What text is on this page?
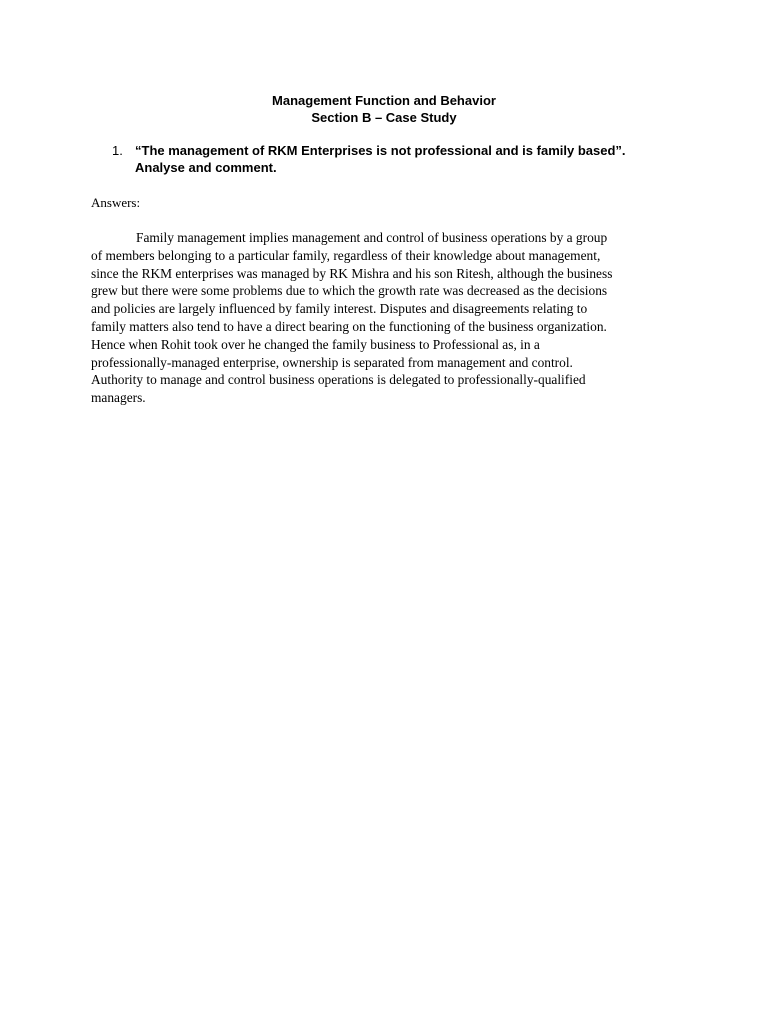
Management Function and Behavior
Section B – Case Study
1. “The management of RKM Enterprises is not professional and is family based”.
Analyse and comment.
Answers:
Family management implies management and control of business operations by a group
of members belonging to a particular family, regardless of their knowledge about management,
since the RKM enterprises was managed by RK Mishra and his son Ritesh, although the business
grew but there were some problems due to which the growth rate was decreased as the decisions
and policies are largely influenced by family interest. Disputes and disagreements relating to
family matters also tend to have a direct bearing on the functioning of the business organization.
Hence when Rohit took over he changed the family business to Professional as, in a
professionally-managed enterprise, ownership is separated from management and control.
Authority to manage and control business operations is delegated to professionally-qualified
managers.
